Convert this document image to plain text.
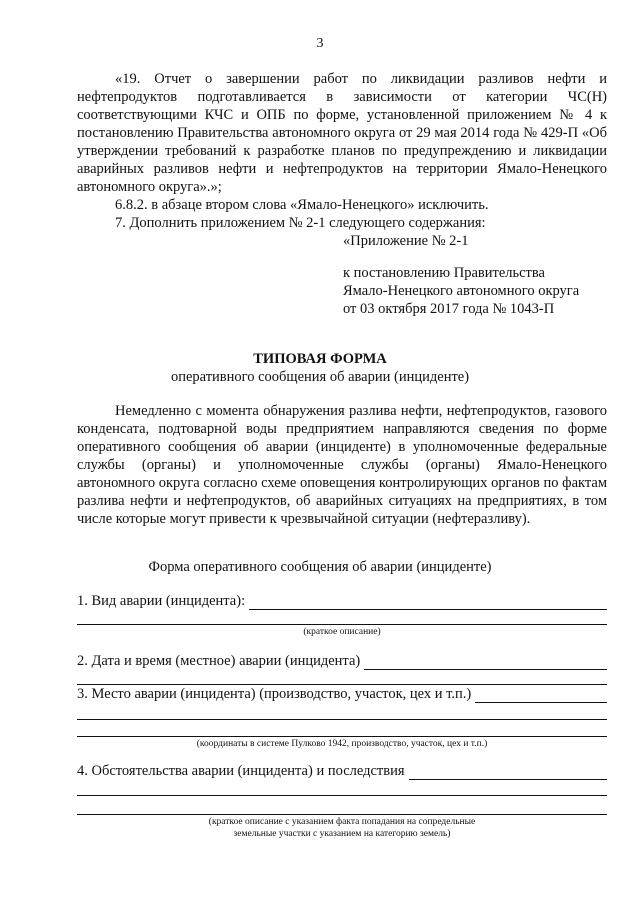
3

«19. Отчет о завершении работ по ликвидации разливов нефти и нефтепродуктов подготавливается в зависимости от категории ЧС(Н) соответствующими КЧС и ОПБ по форме, установленной приложением № 4 к постановлению Правительства автономного округа от 29 мая 2014 года № 429-П «Об утверждении требований к разработке планов по предупреждению и ликвидации аварийных разливов нефти и нефтепродуктов на территории Ямало-Ненецкого автономного округа».»;

6.8.2. в абзаце втором слова «Ямало-Ненецкого» исключить.
7. Дополнить приложением № 2-1 следующего содержания:
«Приложение № 2-1
к постановлению Правительства
Ямало-Ненецкого автономного округа
от 03 октября 2017 года № 1043-П
ТИПОВАЯ ФОРМА
оперативного сообщения об аварии (инциденте)

Немедленно с момента обнаружения разлива нефти, нефтепродуктов, газового конденсата, подтоварной воды предприятием направляются сведения по форме оперативного сообщения об аварии (инциденте) в уполномоченные федеральные службы (органы) и уполномоченные службы (органы) Ямало-Ненецкого автономного округа согласно схеме оповещения контролирующих органов по фактам разлива нефти и нефтепродуктов, об аварийных ситуациях на предприятиях, в том числе которые могут привести к чрезвычайной ситуации (нефтеразливу).

Форма оперативного сообщения об аварии (инциденте)
1. Вид аварии (инцидента):
(краткое описание)
2. Дата и время (местное) аварии (инцидента)
3. Место аварии (инцидента) (производство, участок, цех и т.п.)
(координаты в системе Пулково 1942, производство, участок, цех и т.п.)
4. Обстоятельства аварии (инцидента) и последствия
(краткое описание с указанием факта попадания на сопредельные
земельные участки с указанием на категорию земель)
